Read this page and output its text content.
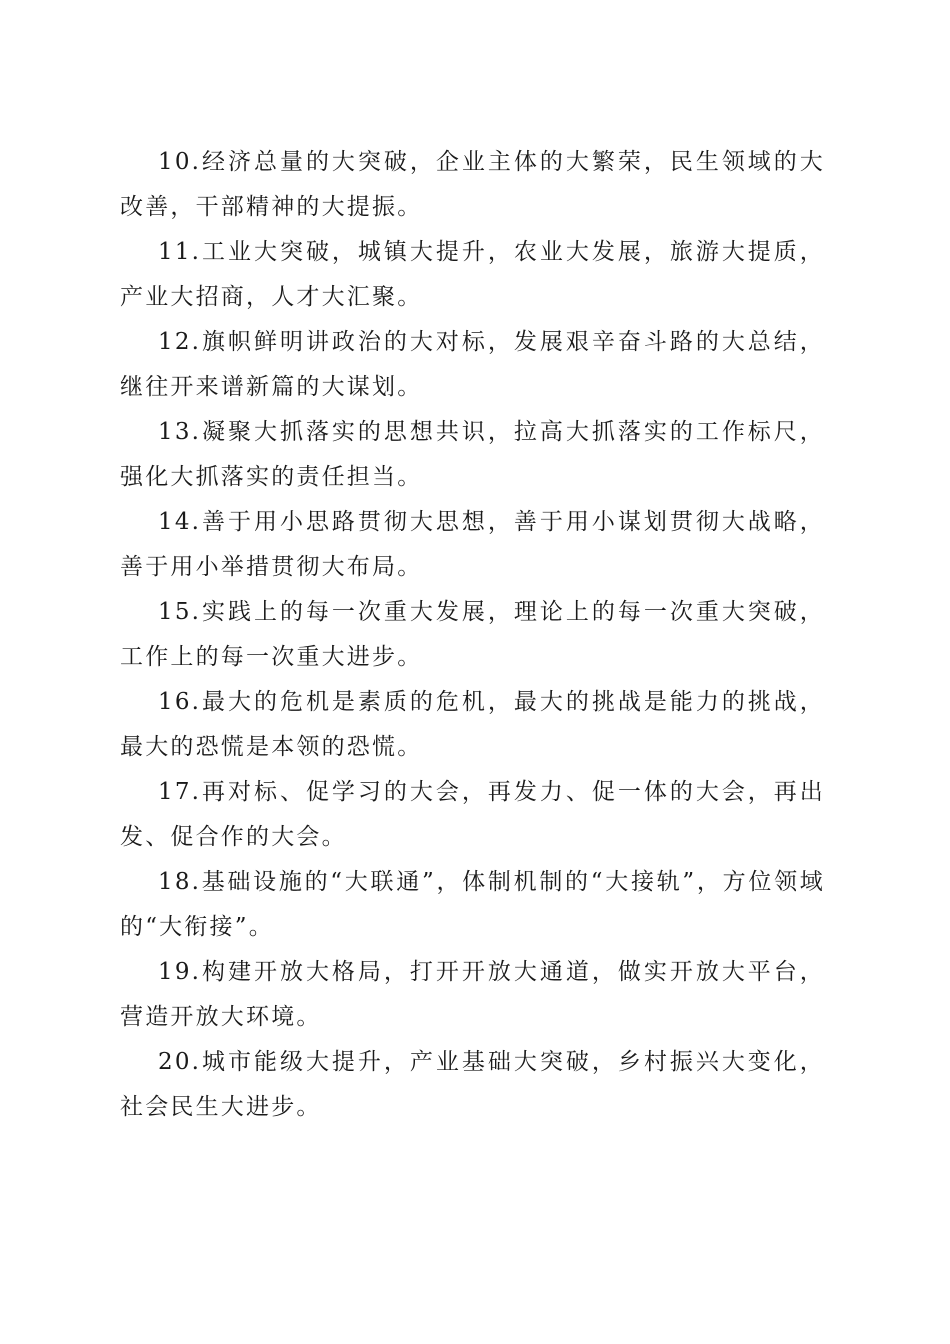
10.经济总量的大突破，企业主体的大繁荣，民生领域的大改善，干部精神的大提振。

11.工业大突破，城镇大提升，农业大发展，旅游大提质，产业大招商，人才大汇聚。

12.旗帜鲜明讲政治的大对标，发展艰辛奋斗路的大总结，继往开来谱新篇的大谋划。

13.凝聚大抓落实的思想共识，拉高大抓落实的工作标尺，强化大抓落实的责任担当。

14.善于用小思路贯彻大思想，善于用小谋划贯彻大战略，善于用小举措贯彻大布局。

15.实践上的每一次重大发展，理论上的每一次重大突破，工作上的每一次重大进步。

16.最大的危机是素质的危机，最大的挑战是能力的挑战，最大的恐慌是本领的恐慌。

17.再对标、促学习的大会，再发力、促一体的大会，再出发、促合作的大会。

18.基础设施的“大联通”，体制机制的“大接轨”，方位领域的“大衔接”。

19.构建开放大格局，打开开放大通道，做实开放大平台，营造开放大环境。

20.城市能级大提升，产业基础大突破，乡村振兴大变化，社会民生大进步。
